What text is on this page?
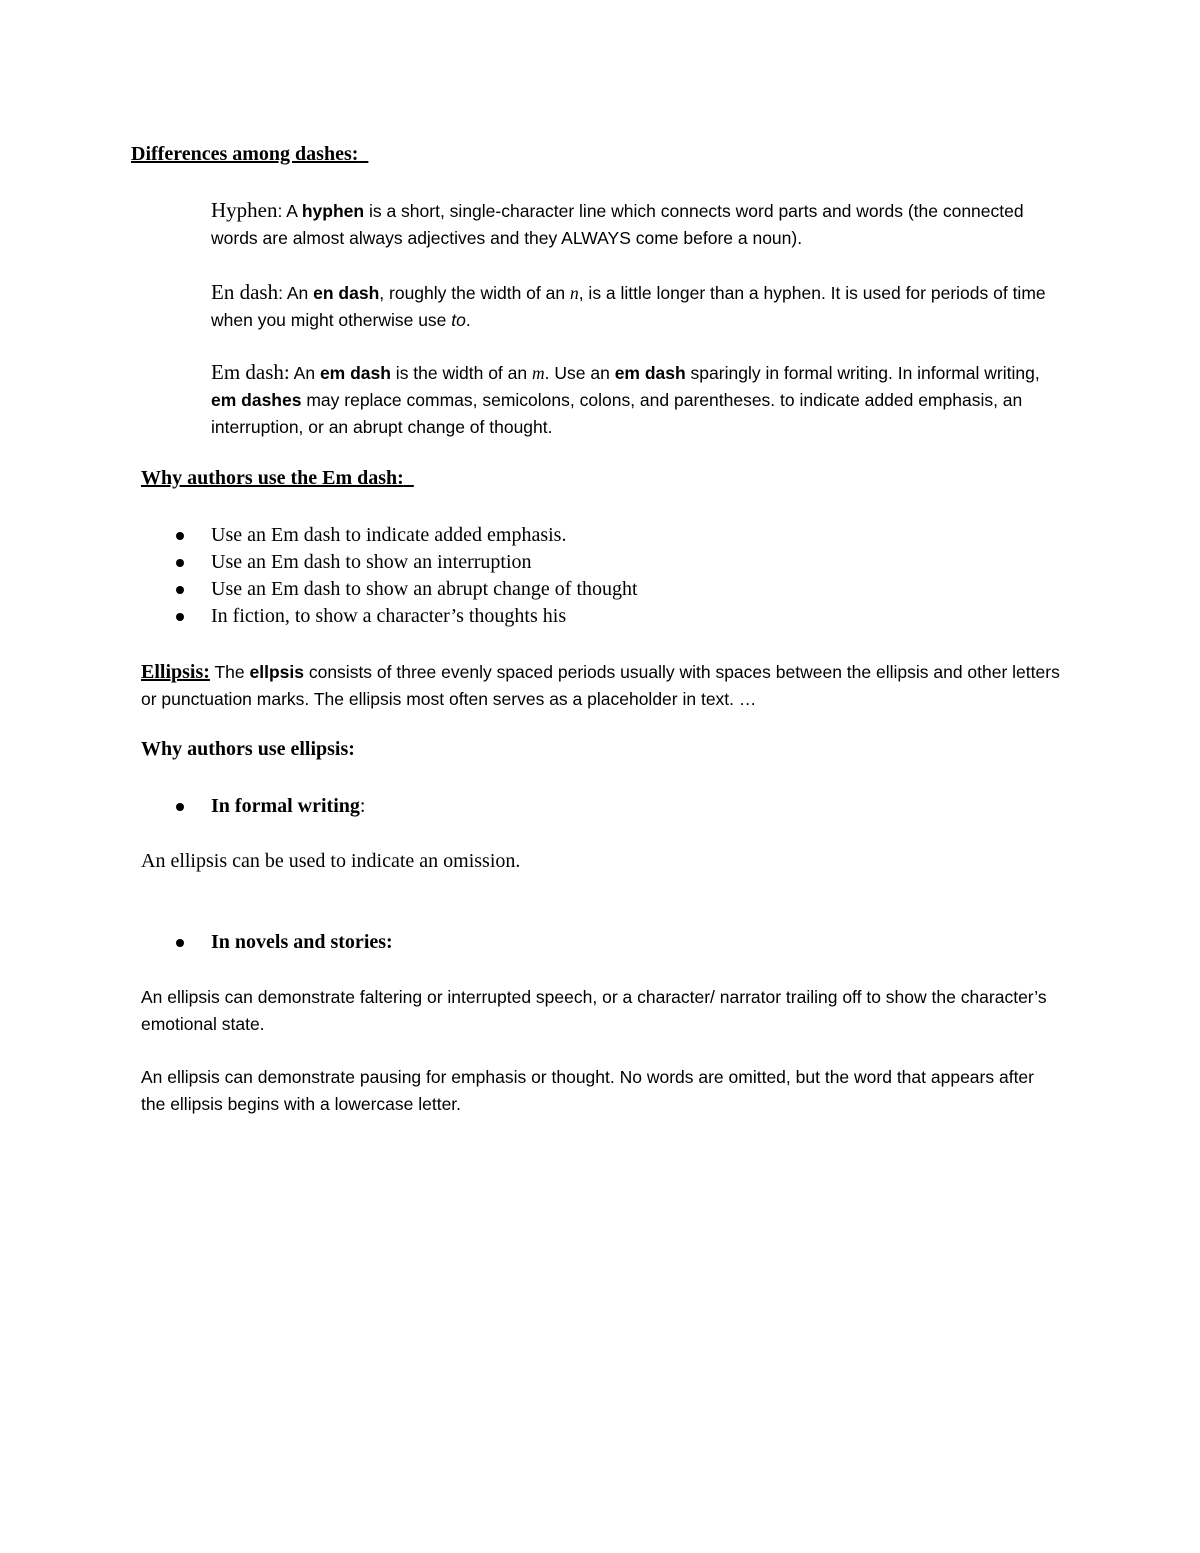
Differences among dashes:
Hyphen: A hyphen is a short, single-character line which connects word parts and words (the connected words are almost always adjectives and they ALWAYS come before a noun).
En dash: An en dash, roughly the width of an n, is a little longer than a hyphen. It is used for periods of time when you might otherwise use to.
Em dash: An em dash is the width of an m. Use an em dash sparingly in formal writing. In informal writing, em dashes may replace commas, semicolons, colons, and parentheses. to indicate added emphasis, an interruption, or an abrupt change of thought.
Why authors use the Em dash:
Use an Em dash to indicate added emphasis.
Use an Em dash to show an interruption
Use an Em dash to show an abrupt change of thought
In fiction, to show a character’s thoughts his
Ellipsis: The ellpsis consists of three evenly spaced periods usually with spaces between the ellipsis and other letters or punctuation marks. The ellipsis most often serves as a placeholder in text. …
Why authors use ellipsis:
In formal writing:
An ellipsis can be used to indicate an omission.
In novels and stories:
An ellipsis can demonstrate faltering or interrupted speech, or a character/ narrator trailing off to show the character’s emotional state.
An ellipsis can demonstrate pausing for emphasis or thought. No words are omitted, but the word that appears after the ellipsis begins with a lowercase letter.
